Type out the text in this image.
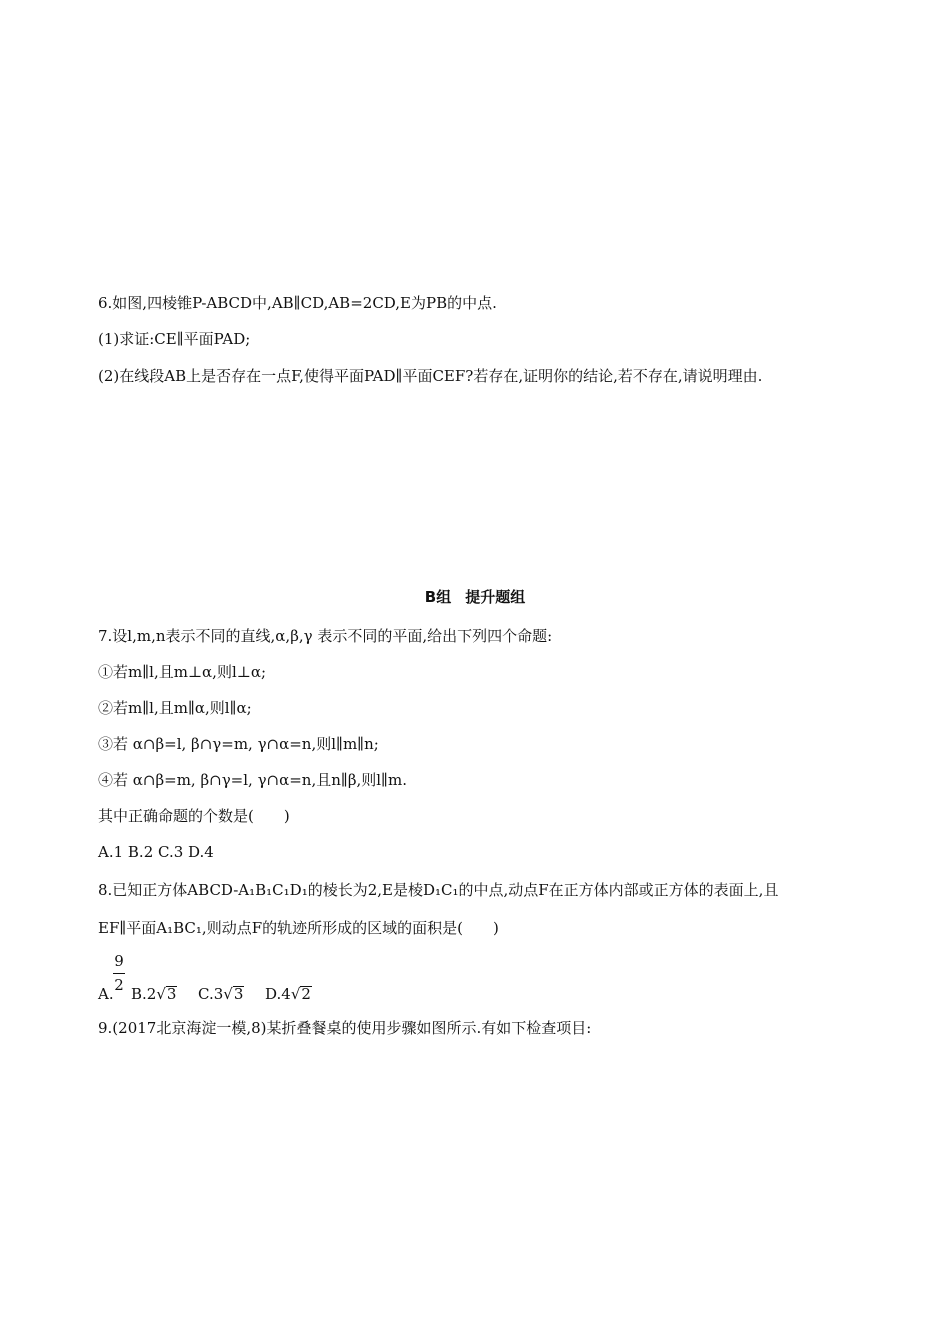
6.如图,四棱锥P-ABCD中,AB∥CD,AB=2CD,E为PB的中点.
(1)求证:CE∥平面PAD;
(2)在线段AB上是否存在一点F,使得平面PAD∥平面CEF?若存在,证明你的结论,若不存在,请说明理由.
B组 提升题组
7.设l,m,n表示不同的直线,α,β,γ 表示不同的平面,给出下列四个命题:
①若m∥l,且m⊥α,则l⊥α;
②若m∥l,且m∥α,则l∥α;
③若 α∩β=l, β∩γ=m, γ∩α=n,则l∥m∥n;
④若 α∩β=m, β∩γ=l, γ∩α=n,且n∥β,则l∥m.
其中正确命题的个数是(　　)
A.1 B.2 C.3 D.4
8.已知正方体ABCD-A₁B₁C₁D₁的棱长为2,E是棱D₁C₁的中点,动点F在正方体内部或正方体的表面上,且
EF∥平面A₁BC₁,则动点F的轨迹所形成的区域的面积是(　　)
9
2
A. B.2√3 C.3√3 D.4√2
9.(2017北京海淀一模,8)某折叠餐桌的使用步骤如图所示.有如下检查项目:
